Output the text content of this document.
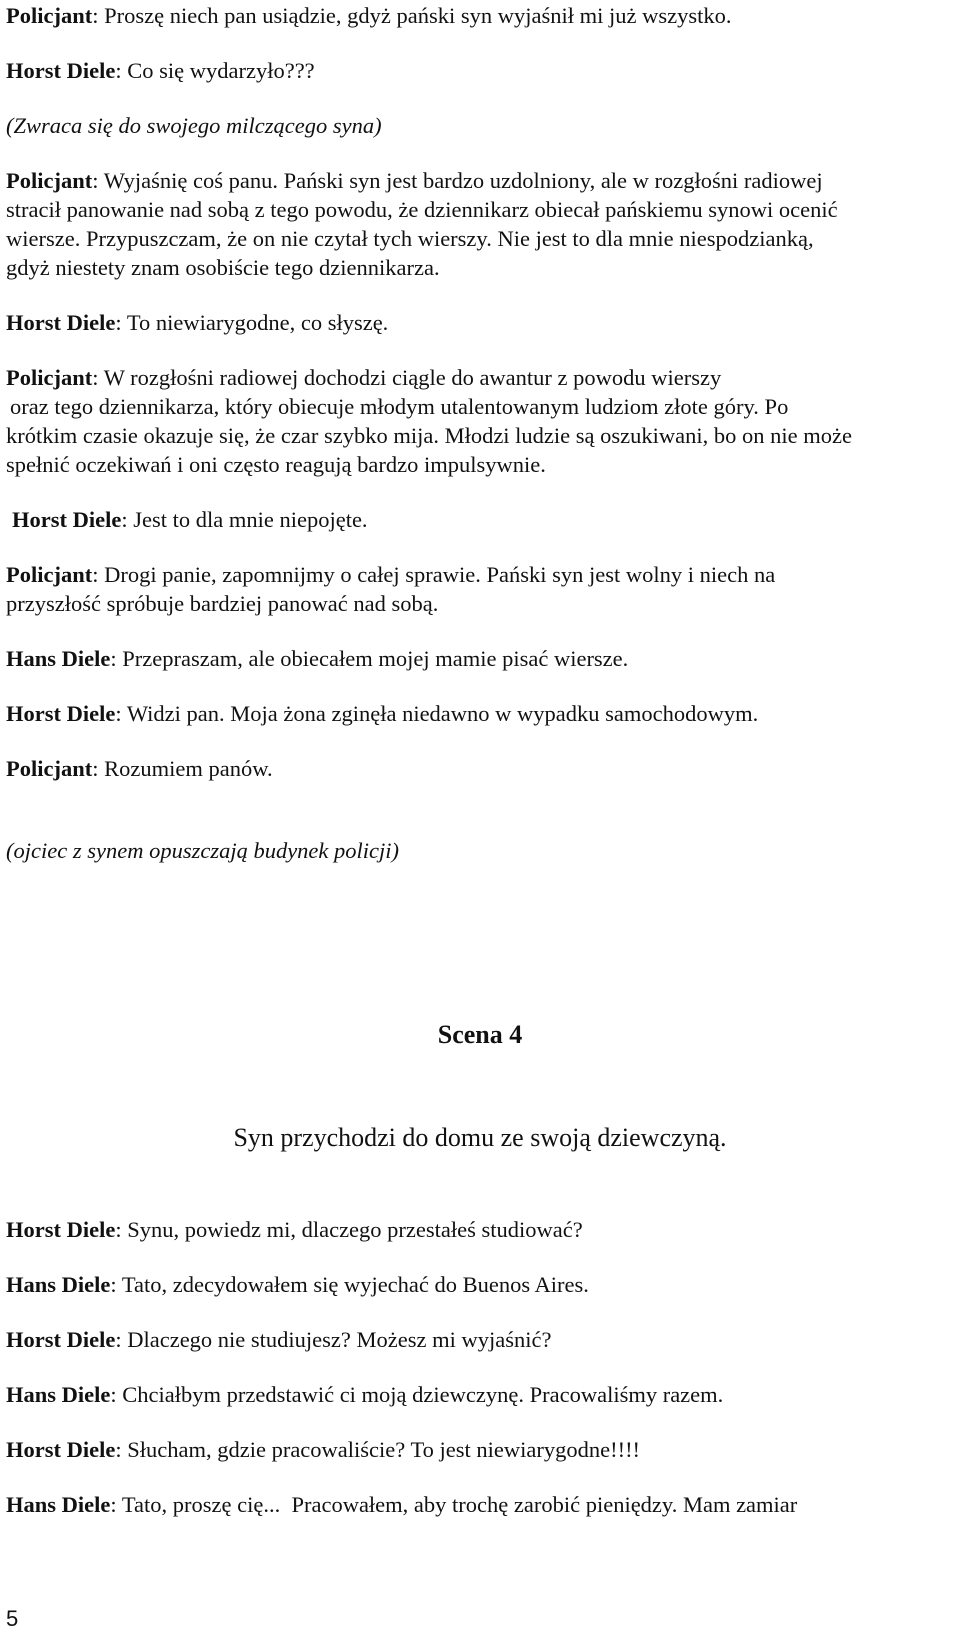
Policjant: Proszę niech pan usiądzie, gdyż pański syn wyjaśnił mi już wszystko.
Horst Diele: Co się wydarzyło???
(Zwraca się do swojego milczącego syna)
Policjant: Wyjaśnię coś panu. Pański syn jest bardzo uzdolniony, ale w rozgłośni radiowej
stracił panowanie nad sobą z tego powodu, że dziennikarz obiecał pańskiemu synowi ocenić
wiersze. Przypuszczam, że on nie czytał tych wierszy. Nie jest to dla mnie niespodzianką,
gdyż niestety znam osobiście tego dziennikarza.
Horst Diele: To niewiarygodne, co słyszę.
Policjant: W rozgłośni radiowej dochodzi ciągle do awantur z powodu wierszy
oraz tego dziennikarza, który obiecuje młodym utalentowanym ludziom złote góry. Po
krótkim czasie okazuje się, że czar szybko mija. Młodzi ludzie są oszukiwani, bo on nie może
spełnić oczekiwań i oni często reagują bardzo impulsywnie.
Horst Diele: Jest to dla mnie niepojęte.
Policjant: Drogi panie, zapomnijmy o całej sprawie. Pański syn jest wolny i niech na
przyszłość spróbuje bardziej panować nad sobą.
Hans Diele: Przepraszam, ale obiecałem mojej mamie pisać wiersze.
Horst Diele: Widzi pan. Moja żona zginęła niedawno w wypadku samochodowym.
Policjant: Rozumiem panów.
(ojciec z synem opuszczają budynek policji)
Scena 4
Syn przychodzi do domu ze swoją dziewczyną.
Horst Diele: Synu, powiedz mi, dlaczego przestałeś studiować?
Hans Diele: Tato, zdecydowałem się wyjechać do Buenos Aires.
Horst Diele: Dlaczego nie studiujesz? Możesz mi wyjaśnić?
Hans Diele: Chciałbym przedstawić ci moją dziewczynę. Pracowaliśmy razem.
Horst Diele: Słucham, gdzie pracowaliście? To jest niewiarygodne!!!!
Hans Diele: Tato, proszę cię...  Pracowałem, aby trochę zarobić pieniędzy. Mam zamiar
5
